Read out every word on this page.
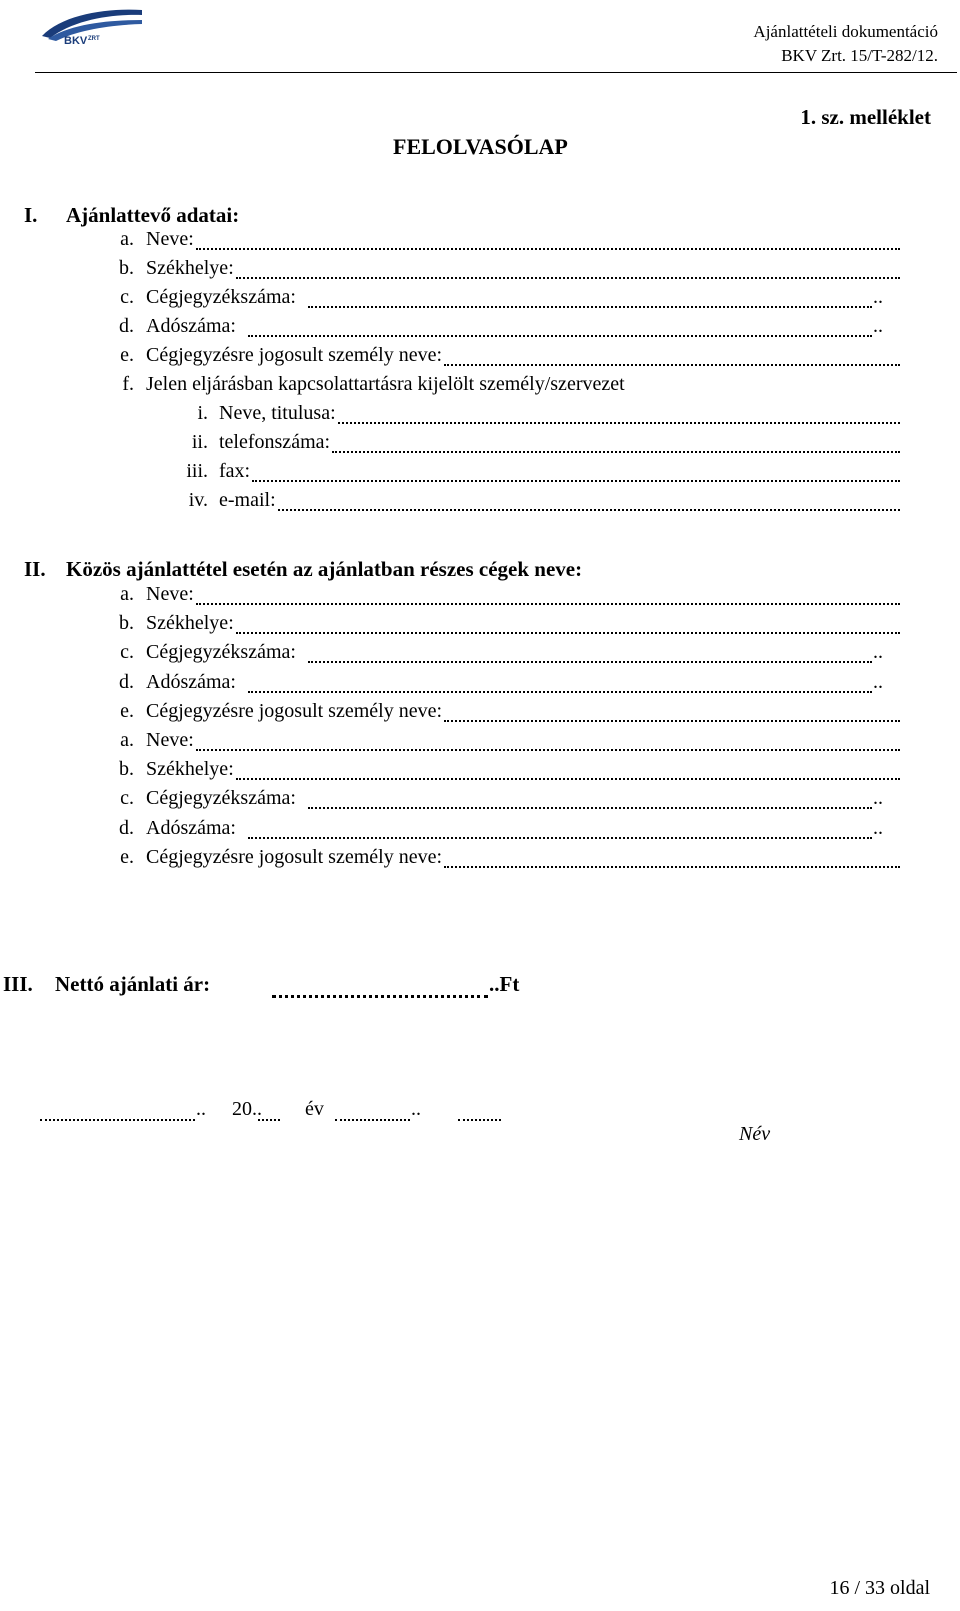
BKV ZRT	Ajánlattételi dokumentáció
BKV Zrt. 15/T-282/12.
1. sz. melléklet
FELOLVASÓLAP
I. Ajánlattevő adatai:
a. Neve:
b. Székhelye:
c. Cégjegyzékszáma:	..
d. Adószáma:	..
e. Cégjegyzésre jogosult személy neve:
f. Jelen eljárásban kapcsolattartásra kijelölt személy/szervezet
i. Neve, titulusa:
ii. telefonszáma:
iii. fax:
iv. e-mail:
II. Közös ajánlattétel esetén az ajánlatban részes cégek neve:
a. Neve:
b. Székhelye:
c. Cégjegyzékszáma:	..
d. Adószáma:	..
e. Cégjegyzésre jogosult személy neve:
a. Neve:
b. Székhelye:
c. Cégjegyzékszáma:	..
d. Adószáma:	..
e. Cégjegyzésre jogosult személy neve:
III. Nettó ajánlati ár:	..Ft
.. 20.. év	..
Név
16 / 33 oldal
